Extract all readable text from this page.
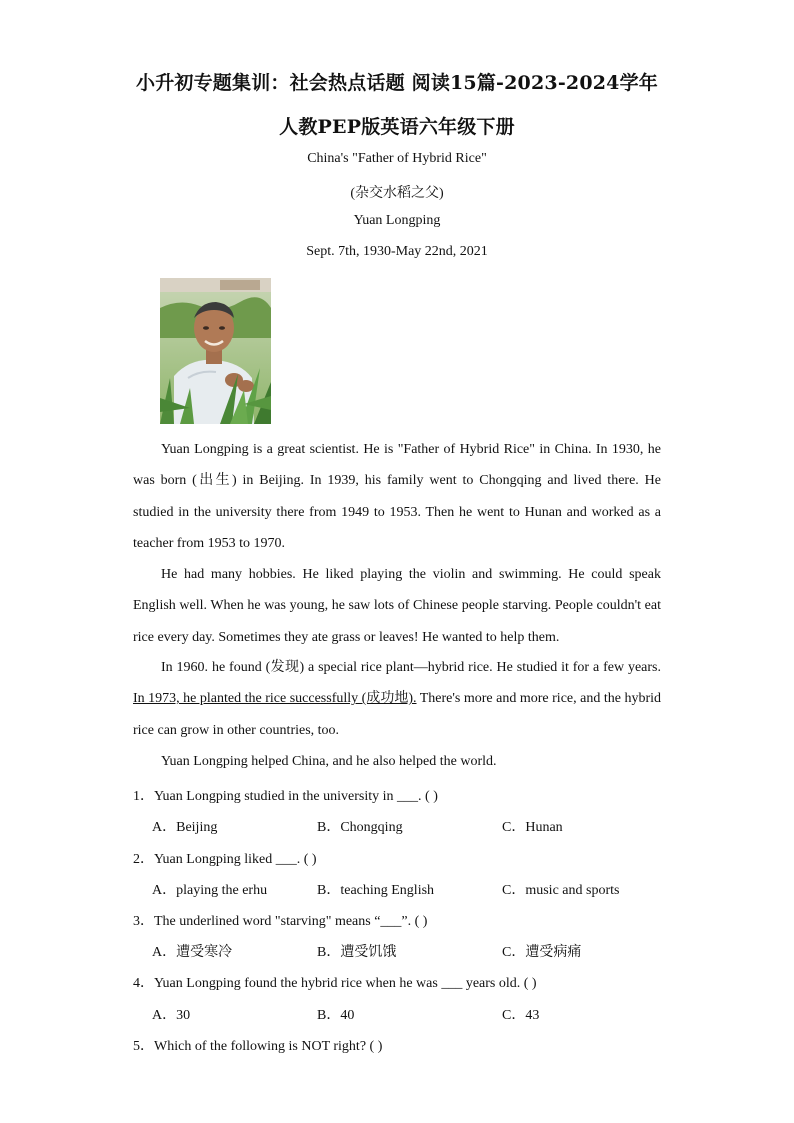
小升初专题集训：社会热点话题 阅读15篇-2023-2024学年
人教PEP版英语六年级下册
China's "Father of Hybrid Rice"
(杂交水稻之父)
Yuan Longping
Sept. 7th, 1930-May 22nd, 2021
Yuan Longping is a great scientist. He is "Father of Hybrid Rice" in China. In 1930, he was born (出生) in Beijing. In 1939, his family went to Chongqing and lived there. He studied in the university there from 1949 to 1953. Then he went to Hunan and worked as a teacher from 1953 to 1970.
He had many hobbies. He liked playing the violin and swimming. He could speak English well. When he was young, he saw lots of Chinese people starving. People couldn't eat rice every day. Sometimes they ate grass or leaves! He wanted to help them.
In 1960. he found (发现) a special rice plant—hybrid rice. He studied it for a few years. In 1973, he planted the rice successfully (成功地). There's more and more rice, and the hybrid rice can grow in other countries, too.
Yuan Longping helped China, and he also helped the world.
1．Yuan Longping studied in the university in ___. ( )
A．Beijing	B．Chongqing	C．Hunan
2．Yuan Longping liked ___. ( )
A．playing the erhu	B．teaching English	C．music and sports
3．The underlined word "starving" means “___”. ( )
A．遭受寒冷	B．遭受饥饿	C．遭受病痛
4．Yuan Longping found the hybrid rice when he was ___ years old. ( )
A．30	B．40	C．43
5．Which of the following is NOT right? ( )
